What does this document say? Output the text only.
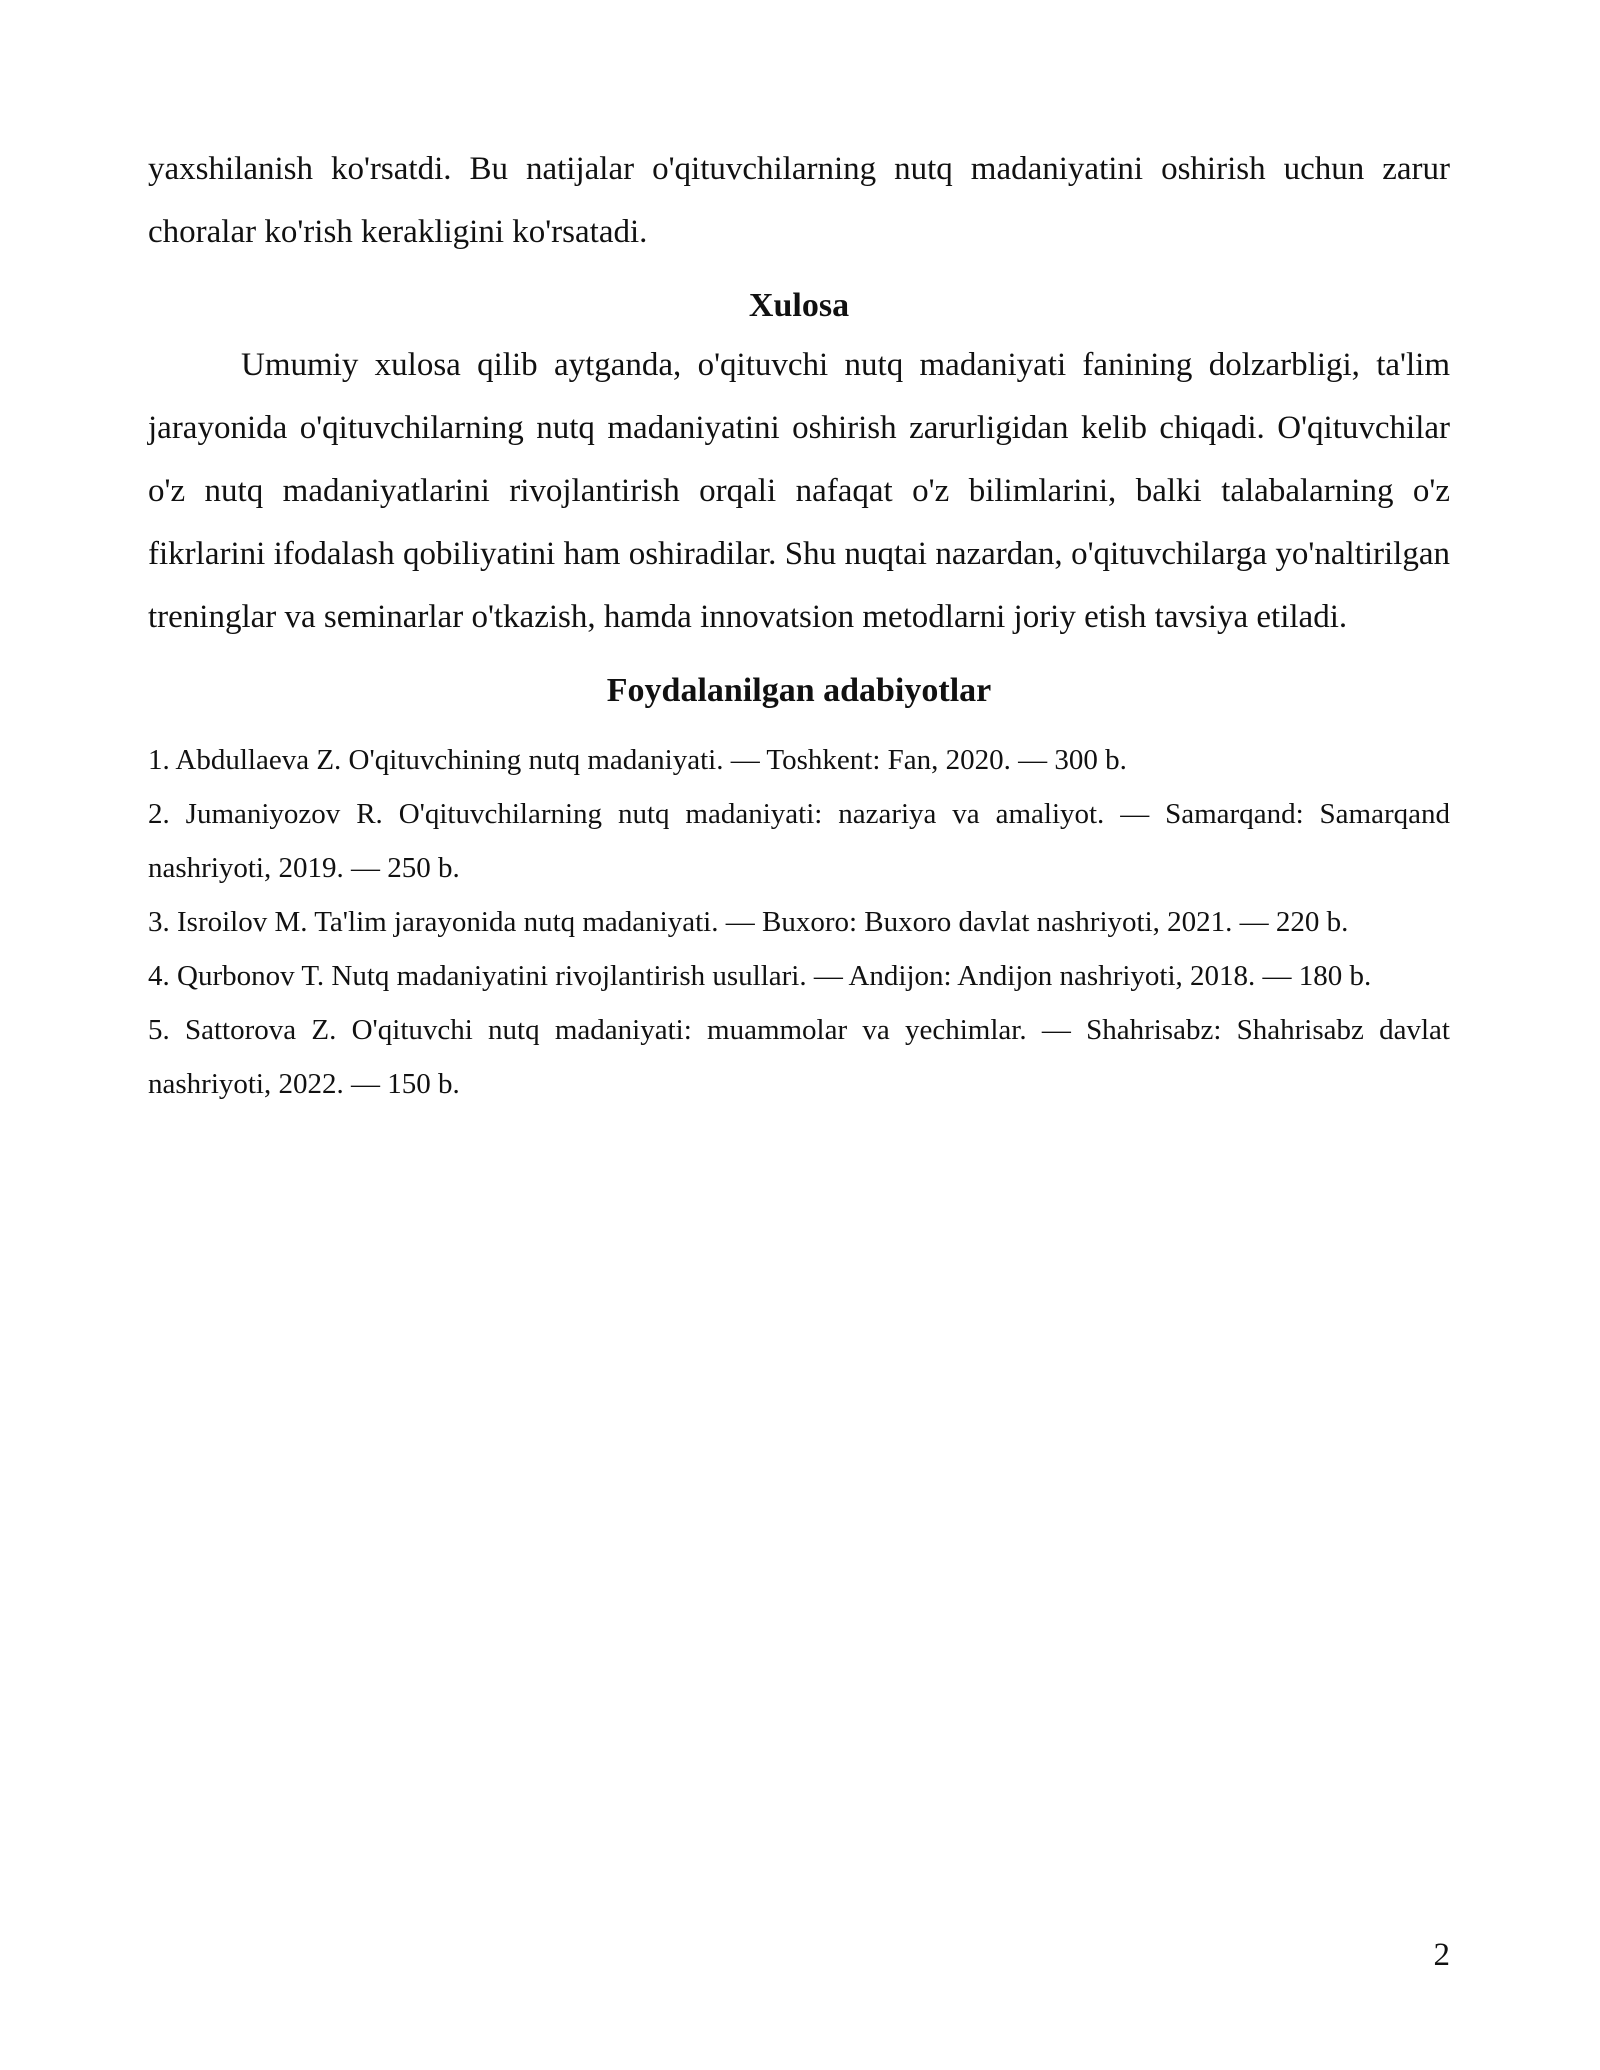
yaxshilanish ko'rsatdi. Bu natijalar o'qituvchilarning nutq madaniyatini oshirish uchun zarur choralar ko'rish kerakligini ko'rsatadi.

Xulosa

Umumiy xulosa qilib aytganda, o'qituvchi nutq madaniyati fanining dolzarbligi, ta'lim jarayonida o'qituvchilarning nutq madaniyatini oshirish zarurligidan kelib chiqadi. O'qituvchilar o'z nutq madaniyatlarini rivojlantirish orqali nafaqat o'z bilimlarini, balki talabalarning o'z fikrlarini ifodalash qobiliyatini ham oshiradilar. Shu nuqtai nazardan, o'qituvchilarga yo'naltirilgan treninglar va seminarlar o'tkazish, hamda innovatsion metodlarni joriy etish tavsiya etiladi.

Foydalanilgan adabiyotlar

1. Abdullaeva Z. O'qituvchining nutq madaniyati. — Toshkent: Fan, 2020. — 300 b.

2. Jumaniyozov R. O'qituvchilarning nutq madaniyati: nazariya va amaliyot. — Samarqand: Samarqand nashriyoti, 2019. — 250 b.

3. Isroilov M. Ta'lim jarayonida nutq madaniyati. — Buxoro: Buxoro davlat nashriyoti, 2021. — 220 b.

4. Qurbonov T. Nutq madaniyatini rivojlantirish usullari. — Andijon: Andijon nashriyoti, 2018. — 180 b.

5. Sattorova Z. O'qituvchi nutq madaniyati: muammolar va yechimlar. — Shahrisabz: Shahrisabz davlat nashriyoti, 2022. — 150 b.

2
